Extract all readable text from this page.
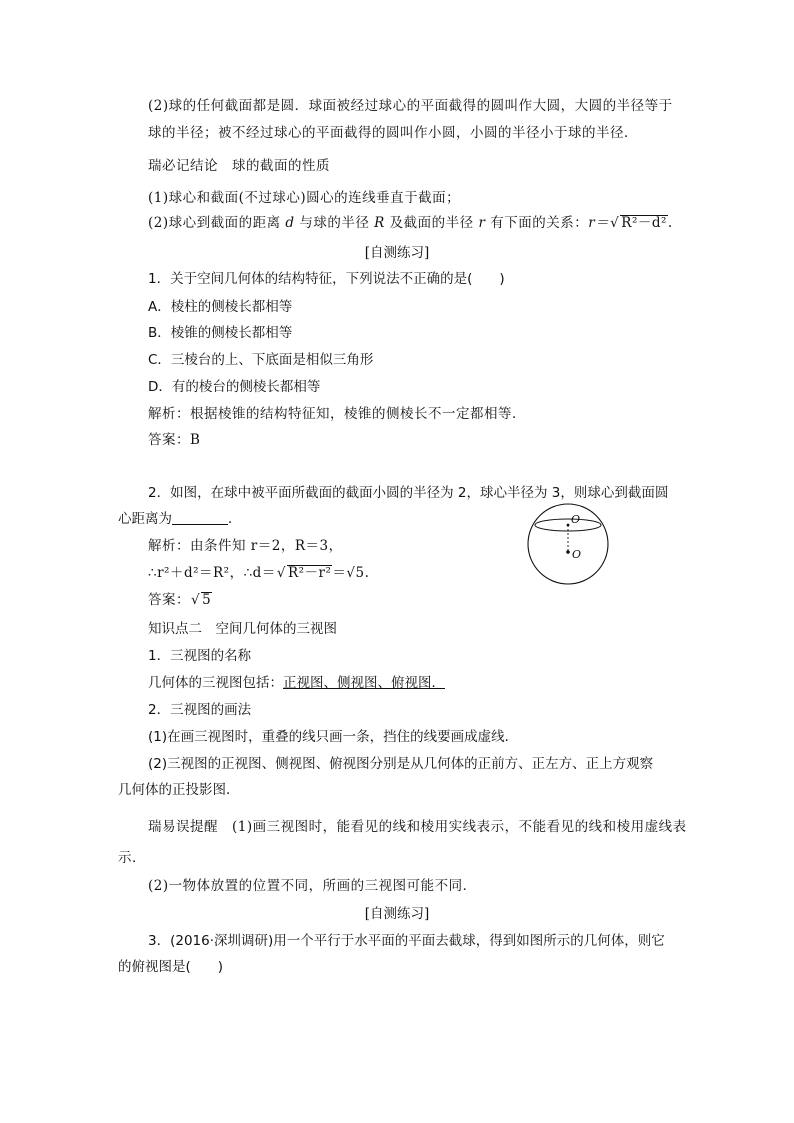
(2)球的任何截面都是圆．球面被经过球心的平面截得的圆叫作大圆，大圆的半径等于
球的半径；被不经过球心的平面截得的圆叫作小圆，小圆的半径小于球的半径．
瑞必记结论　 球的截面的性质
(1)球心和截面(不过球心)圆心的连线垂直于截面；
(2)球心到截面的距离 d 与球的半径 R 及截面的半径 r 有下面的关系：r＝√ R²－d².
[自测练习]
1．关于空间几何体的结构特征，下列说法不正确的是(　　)
A．棱柱的侧棱长都相等
B．棱锥的侧棱长都相等
C．三棱台的上、下底面是相似三角形
D．有的棱台的侧棱长都相等
解析：根据棱锥的结构特征知，棱锥的侧棱长不一定都相等．
答案：B
2．如图，在球中被平面所截面的截面小圆的半径为 2，球心半径为 3，则球心到截面圆
心距离为	．
解析：由条件知 r＝2，R＝3，
∴r²＋d²＝R²，∴d＝√ R²－r²＝√5.
答案：√ 5
O
O
知识点二　空间几何体的三视图
1．三视图的名称
几何体的三视图包括：正视图、侧视图、俯视图．
2．三视图的画法
(1)在画三视图时，重叠的线只画一条，挡住的线要画成虚线．
(2)三视图的正视图、侧视图、俯视图分别是从几何体的正前方、正左方、正上方观察
几何体的正投影图．
瑞易误提醒　 (1)画三视图时，能看见的线和棱用实线表示，不能看见的线和棱用虚线表
示．
(2)一物体放置的位置不同，所画的三视图可能不同．
[自测练习]
3．(2016·深圳调研)用一个平行于水平面的平面去截球，得到如图所示的几何体，则它
的俯视图是(　　)
